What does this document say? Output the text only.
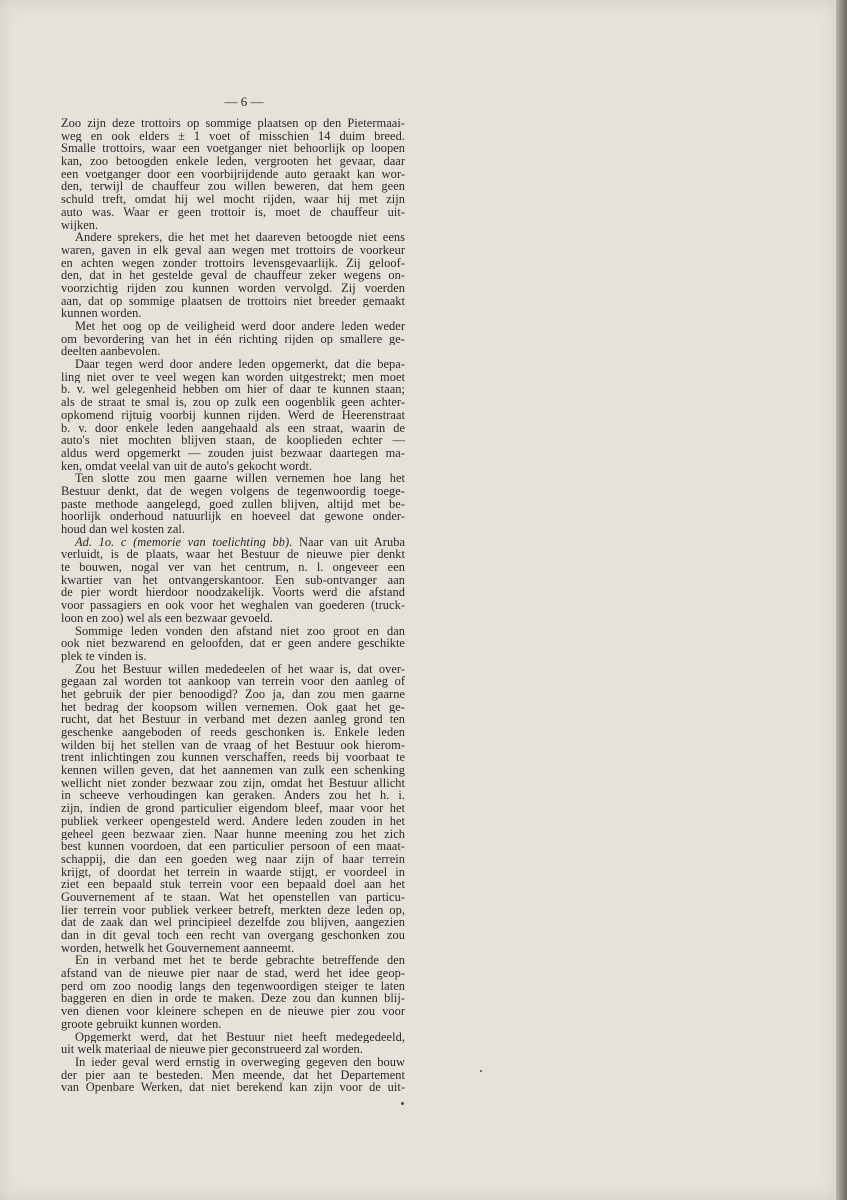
— 6 —
Zoo zijn deze trottoirs op sommige plaatsen op den Pietermaai-
weg en ook elders ± 1 voet of misschien 14 duim breed.
Smalle trottoirs, waar een voetganger niet behoorlijk op loopen
kan, zoo betoogden enkele leden, vergrooten het gevaar, daar
een voetganger door een voorbijrijdende auto geraakt kan wor-
den, terwijl de chauffeur zou willen beweren, dat hem geen
schuld treft, omdat hij wel mocht rijden, waar hij met zijn
auto was. Waar er geen trottoir is, moet de chauffeur uit-
wijken.
Andere sprekers, die het met het daareven betoogde niet eens
waren, gaven in elk geval aan wegen met trottoirs de voorkeur
en achten wegen zonder trottoirs levensgevaarlijk. Zij geloof-
den, dat in het gestelde geval de chauffeur zeker wegens on-
voorzichtig rijden zou kunnen worden vervolgd. Zij voerden
aan, dat op sommige plaatsen de trottoirs niet breeder gemaakt
kunnen worden.
Met het oog op de veiligheid werd door andere leden weder
om bevordering van het in één richting rijden op smallere ge-
deelten aanbevolen.
Daar tegen werd door andere leden opgemerkt, dat die bepa-
ling niet over te veel wegen kan worden uitgestrekt; men moet
b. v. wel gelegenheid hebben om hier of daar te kunnen staan;
als de straat te smal is, zou op zulk een oogenblik geen achter-
opkomend rijtuig voorbij kunnen rijden. Werd de Heerenstraat
b. v. door enkele leden aangehaald als een straat, waarin de
auto's niet mochten blijven staan, de kooplieden echter —
aldus werd opgemerkt — zouden juist bezwaar daartegen ma-
ken, omdat veelal van uit de auto's gekocht wordt.
Ten slotte zou men gaarne willen vernemen hoe lang het
Bestuur denkt, dat de wegen volgens de tegenwoordig toege-
paste methode aangelegd, goed zullen blijven, altijd met be-
hoorlijk onderhoud natuurlijk en hoeveel dat gewone onder-
houd dan wel kosten zal.
Ad. 1o. c (memorie van toelichting bb). Naar van uit Aruba
verluidt, is de plaats, waar het Bestuur de nieuwe pier denkt
te bouwen, nogal ver van het centrum, n. l. ongeveer een
kwartier van het ontvangerskantoor. Een sub-ontvanger aan
de pier wordt hierdoor noodzakelijk. Voorts werd die afstand
voor passagiers en ook voor het weghalen van goederen (truck-
loon en zoo) wel als een bezwaar gevoeld.
Sommige leden vonden den afstand niet zoo groot en dan
ook niet bezwarend en geloofden, dat er geen andere geschikte
plek te vinden is.
Zou het Bestuur willen mededeelen of het waar is, dat over-
gegaan zal worden tot aankoop van terrein voor den aanleg of
het gebruik der pier benoodigd? Zoo ja, dan zou men gaarne
het bedrag der koopsom willen vernemen. Ook gaat het ge-
rucht, dat het Bestuur in verband met dezen aanleg grond ten
geschenke aangeboden of reeds geschonken is. Enkele leden
wilden bij het stellen van de vraag of het Bestuur ook hierom-
trent inlichtingen zou kunnen verschaffen, reeds bij voorbaat te
kennen willen geven, dat het aannemen van zulk een schenking
wellicht niet zonder bezwaar zou zijn, omdat het Bestuur allicht
in scheeve verhoudingen kan geraken. Anders zou het h. i.
zijn, indien de grond particulier eigendom bleef, maar voor het
publiek verkeer opengesteld werd. Andere leden zouden in het
geheel geen bezwaar zien. Naar hunne meening zou het zich
best kunnen voordoen, dat een particulier persoon of een maat-
schappij, die dan een goeden weg naar zijn of haar terrein
krijgt, of doordat het terrein in waarde stijgt, er voordeel in
ziet een bepaald stuk terrein voor een bepaald doel aan het
Gouvernement af te staan. Wat het openstellen van particu-
lier terrein voor publiek verkeer betreft, merkten deze leden op,
dat de zaak dan wel principieel dezelfde zou blijven, aangezien
dan in dit geval toch een recht van overgang geschonken zou
worden, hetwelk het Gouvernement aanneemt.
En in verband met het te berde gebrachte betreffende den
afstand van de nieuwe pier naar de stad, werd het idee geop-
perd om zoo noodig langs den tegenwoordigen steiger te laten
baggeren en dien in orde te maken. Deze zou dan kunnen blij-
ven dienen voor kleinere schepen en de nieuwe pier zou voor
groote gebruikt kunnen worden.
Opgemerkt werd, dat het Bestuur niet heeft medegedeeld,
uit welk materiaal de nieuwe pier geconstrueerd zal worden.
In ieder geval werd ernstig in overweging gegeven den bouw
der pier aan te besteden. Men meende, dat het Departement
van Openbare Werken, dat niet berekend kan zijn voor de uit-
